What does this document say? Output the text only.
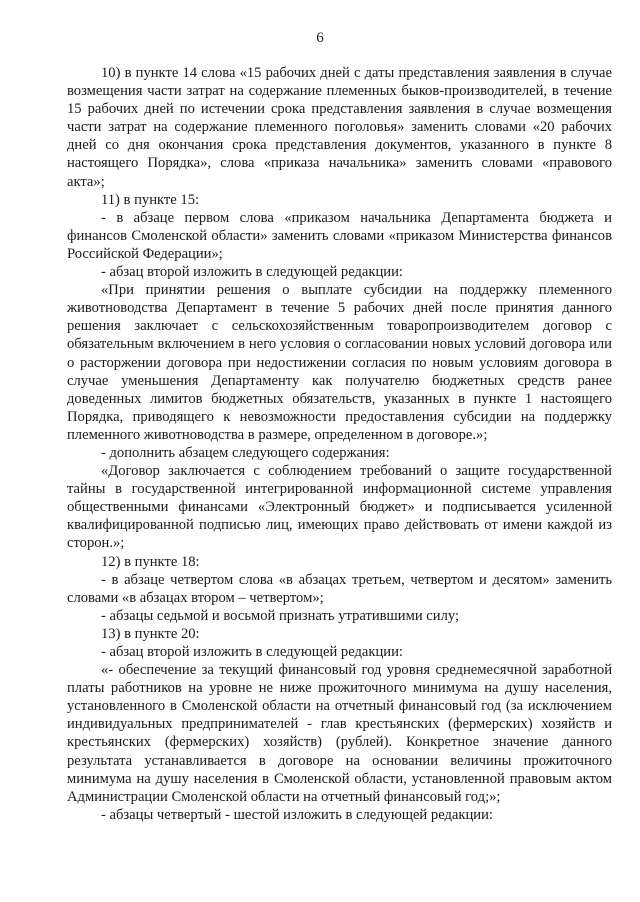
6

10) в пункте 14 слова «15 рабочих дней с даты представления заявления в случае возмещения части затрат на содержание племенных быков-производителей, в течение 15 рабочих дней по истечении срока представления заявления в случае возмещения части затрат на содержание племенного поголовья» заменить словами «20 рабочих дней со дня окончания срока представления документов, указанного в пункте 8 настоящего Порядка», слова «приказа начальника» заменить словами «правового акта»;

11) в пункте 15:

- в абзаце первом слова «приказом начальника Департамента бюджета и финансов Смоленской области» заменить словами «приказом Министерства финансов Российской Федерации»;

- абзац второй изложить в следующей редакции:

«При принятии решения о выплате субсидии на поддержку племенного животноводства Департамент в течение 5 рабочих дней после принятия данного решения заключает с сельскохозяйственным товаропроизводителем договор с обязательным включением в него условия о согласовании новых условий договора или о расторжении договора при недостижении согласия по новым условиям договора в случае уменьшения Департаменту как получателю бюджетных средств ранее доведенных лимитов бюджетных обязательств, указанных в пункте 1 настоящего Порядка, приводящего к невозможности предоставления субсидии на поддержку племенного животноводства в размере, определенном в договоре.»;

- дополнить абзацем следующего содержания:

«Договор заключается с соблюдением требований о защите государственной тайны в государственной интегрированной информационной системе управления общественными финансами «Электронный бюджет» и подписывается усиленной квалифицированной подписью лиц, имеющих право действовать от имени каждой из сторон.»;

12) в пункте 18:

- в абзаце четвертом слова «в абзацах третьем, четвертом и десятом» заменить словами «в абзацах втором – четвертом»;

- абзацы седьмой и восьмой признать утратившими силу;

13) в пункте 20:

- абзац второй изложить в следующей редакции:

«- обеспечение за текущий финансовый год уровня среднемесячной заработной платы работников на уровне не ниже прожиточного минимума на душу населения, установленного в Смоленской области на отчетный финансовый год (за исключением индивидуальных предпринимателей - глав крестьянских (фермерских) хозяйств и крестьянских (фермерских) хозяйств) (рублей). Конкретное значение данного результата устанавливается в договоре на основании величины прожиточного минимума на душу населения в Смоленской области, установленной правовым актом Администрации Смоленской области на отчетный финансовый год;»;

- абзацы четвертый - шестой изложить в следующей редакции:
